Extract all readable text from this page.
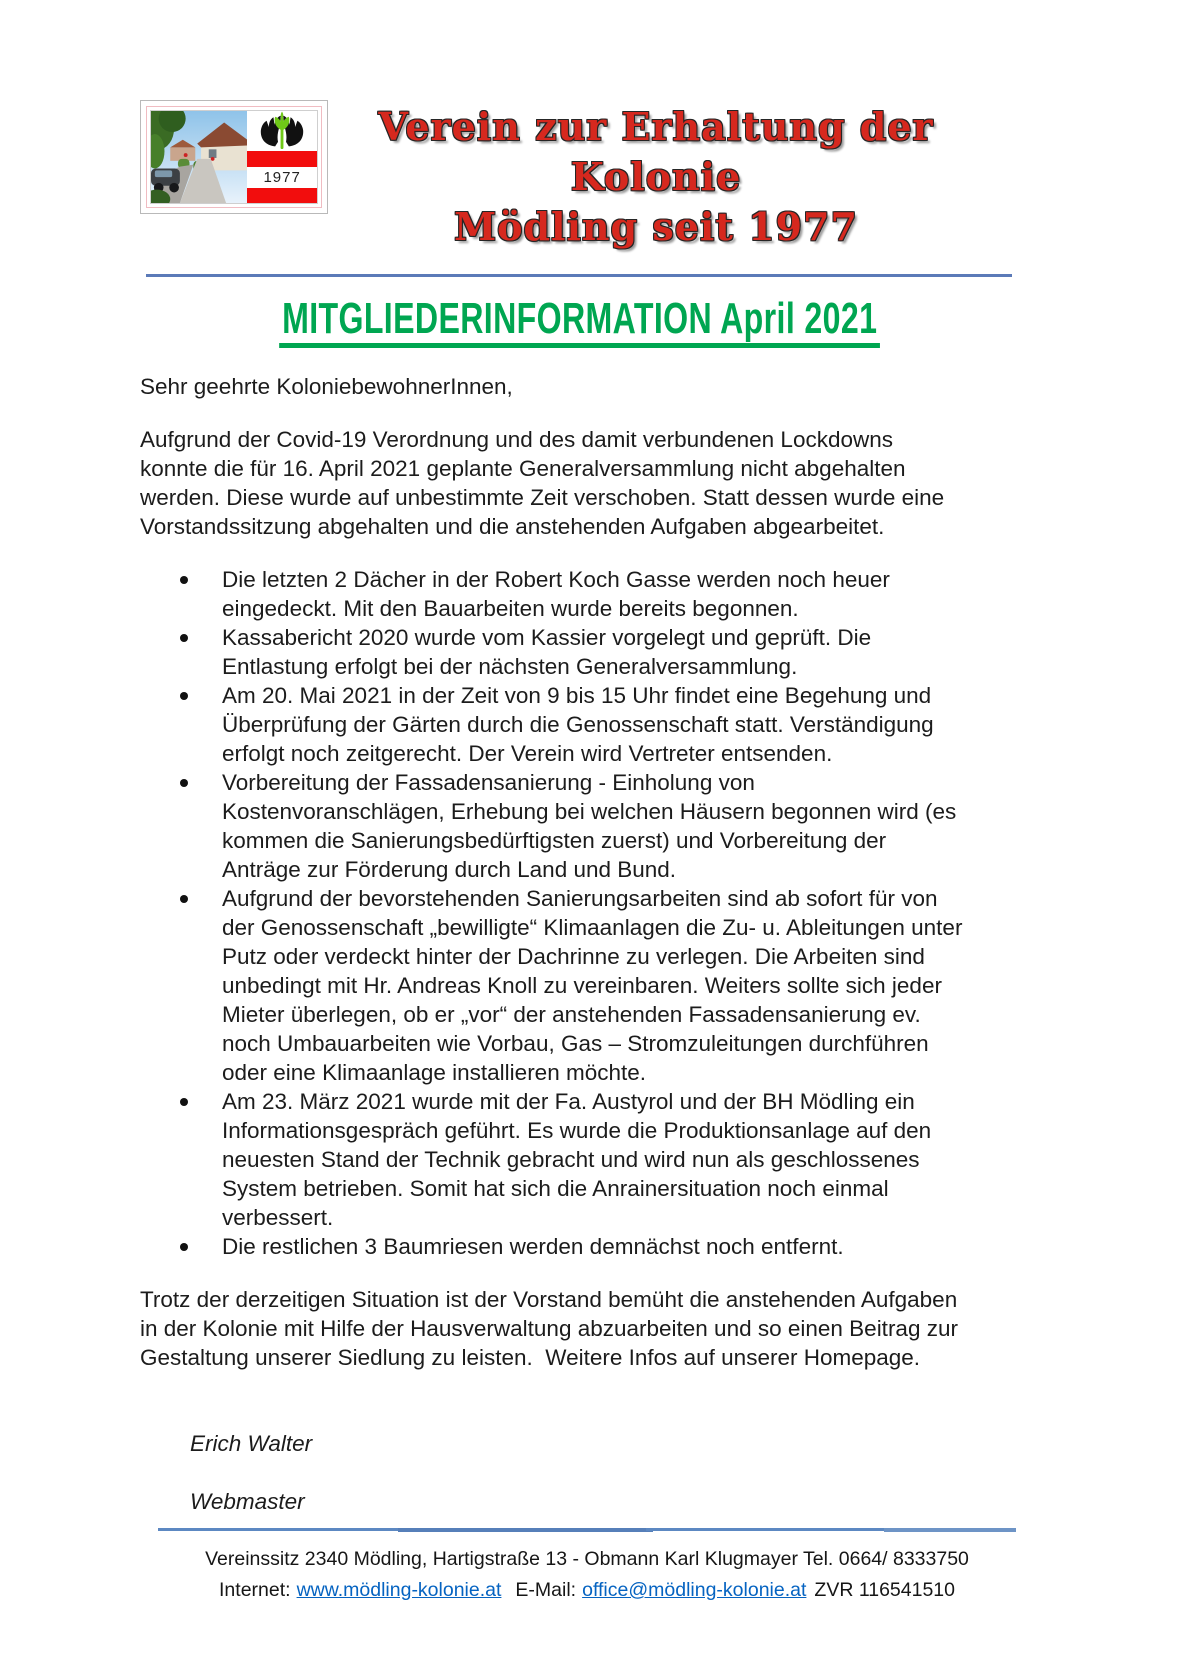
1977
Verein zur Erhaltung der Kolonie
Mödling seit 1977
MITGLIEDERINFORMATION April 2021

Sehr geehrte KoloniebewohnerInnen,

Aufgrund der Covid-19 Verordnung und des damit verbundenen Lockdowns konnte die für 16. April 2021 geplante Generalversammlung nicht abgehalten werden. Diese wurde auf unbestimmte Zeit verschoben. Statt dessen wurde eine Vorstandssitzung abgehalten und die anstehenden Aufgaben abgearbeitet.

Die letzten 2 Dächer in der Robert Koch Gasse werden noch heuer eingedeckt. Mit den Bauarbeiten wurde bereits begonnen.
Kassabericht 2020 wurde vom Kassier vorgelegt und geprüft. Die Entlastung erfolgt bei der nächsten Generalversammlung.
Am 20. Mai 2021 in der Zeit von 9 bis 15 Uhr findet eine Begehung und Überprüfung der Gärten durch die Genossenschaft statt. Verständigung erfolgt noch zeitgerecht. Der Verein wird Vertreter entsenden.
Vorbereitung der Fassadensanierung - Einholung von Kostenvoranschlägen, Erhebung bei welchen Häusern begonnen wird (es kommen die Sanierungsbedürftigsten zuerst) und Vorbereitung der Anträge zur Förderung durch Land und Bund.
Aufgrund der bevorstehenden Sanierungsarbeiten sind ab sofort für von der Genossenschaft „bewilligte“ Klimaanlagen die Zu- u. Ableitungen unter Putz oder verdeckt hinter der Dachrinne zu verlegen. Die Arbeiten sind unbedingt mit Hr. Andreas Knoll zu vereinbaren. Weiters sollte sich jeder Mieter überlegen, ob er „vor“ der anstehenden Fassadensanierung ev. noch Umbauarbeiten wie Vorbau, Gas – Stromzuleitungen durchführen oder eine Klimaanlage installieren möchte.
Am 23. März 2021 wurde mit der Fa. Austyrol und der BH Mödling ein Informationsgespräch geführt. Es wurde die Produktionsanlage auf den neuesten Stand der Technik gebracht und wird nun als geschlossenes System betrieben. Somit hat sich die Anrainersituation noch einmal verbessert.
Die restlichen 3 Baumriesen werden demnächst noch entfernt.

Trotz der derzeitigen Situation ist der Vorstand bemüht die anstehenden Aufgaben in der Kolonie mit Hilfe der Hausverwaltung abzuarbeiten und so einen Beitrag zur Gestaltung unserer Siedlung zu leisten.  Weitere Infos auf unserer Homepage.

Erich Walter

Webmaster

Vereinssitz 2340 Mödling, Hartigstraße 13 - Obmann Karl Klugmayer Tel. 0664/ 8333750

Internet: www.mödling-kolonie.at E-Mail: office@mödling-kolonie.at ZVR 116541510
